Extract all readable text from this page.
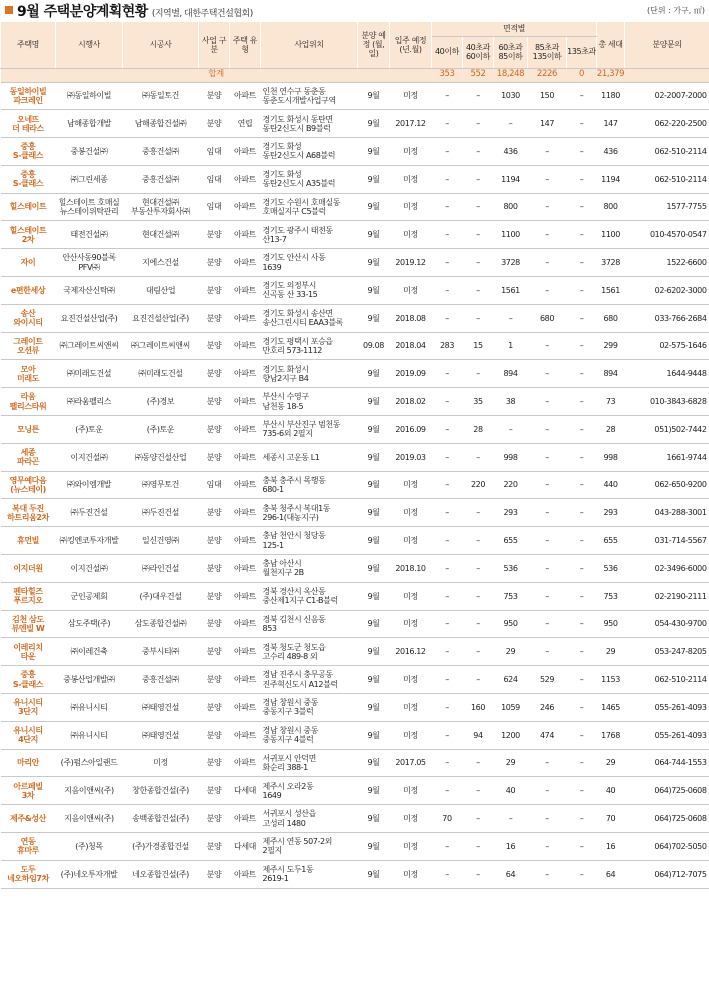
9월 주택분양계획현황 (지역별, 대한주택건설협회)	(단위 : 가구, ㎡)
주택명	시행사	시공사	사업 구분	주택 유형	사업위치	분양 예정 (월,일)	입주 예정 (년.월)	면적별					총 세대	분양문의
								40이하	40초과 60이하	60초과 85이하	85초과 135이하	135초과		
합계								353	552	18,248	2226	0	21,379	

동일하이빌
파크레인	㈜동일하이빌	㈜동일토건	분양	아파트	인천 연수구 동춘동
동춘도시개발사업구역	9월	미정	–	–	1030	150	–	1180	02-2007-2000

오네뜨
더 테라스	남해종합개발	남해종합건설㈜	분양	연립	경기도 화성시 동탄면
동탄2신도시 B9블럭	9월	2017.12	–	–	–	147	–	147	062-220-2500

중흥
S-클래스	중봉건설㈜	중흥건설㈜	임대	아파트	경기도 화성
동탄2신도시 A68블럭	9월	미정	–	–	436	–	–	436	062-510-2114

중흥
S-클래스	㈜그린세종	중흥건설㈜	임대	아파트	경기도 화성
동탄2신도시 A35블럭	9월	미정	–	–	1194	–	–	1194	062-510-2114

힐스테이트	힐스테이트 호매실
뉴스테이위탁관리	현대건설㈜
부동산투자회사㈜	임대	아파트	경기도 수원시 호매실동
호매실지구 C5블럭	9월	미정	–	–	800	–	–	800	1577-7755

힐스테이트
2차	태전건설㈜	현대건설㈜	분양	아파트	경기도 광주시 태전동
산13-7	9월	미정	–	–	1100	–	–	1100	010-4570-0547

자이	안산사동90블록
PFV㈜	지에스건설	분양	아파트	경기도 안산시 사동
1639	9월	2019.12	–	–	3728	–	–	3728	1522-6600

e편한세상	국제자산신탁㈜	대림산업	분양	아파트	경기도 의정부시
신곡동 산 33-15	9월	미정	–	–	1561	–	–	1561	02-6202-3000

송산
와이시티	요진건설산업(주)	요진건설산업(주)	분양	아파트	경기도 화성시 송산면
송산그린시티 EAA3블록	9월	2018.08	–	–	–	680	–	680	033-766-2684

그레이트
오션뷰	㈜그레이트씨앤씨	㈜그레이트씨앤씨	분양	아파트	경기도 평택시 포승읍
만호리 573-1112	09.08	2018.04	283	15	1	–	–	299	02-575-1646

모아
미래도	㈜미래도건설	㈜미래도건설	분양	아파트	경기도 화성시
향남2지구 B4	9월	2019.09	–	–	894	–	–	894	1644-9448

라움
팰리스타워	㈜라움펠리스	(주)경보	분양	아파트	부산시 수영구
남천동 18-5	9월	2018.02	–	35	38	–	–	73	010-3843-6828

모닝튼	(주)토운	(주)토운	분양	아파트	부산시 부산진구 범천동
735-6외 2필지	9월	2016.09	–	28	–	–	–	28	051)502-7442

세종
파라곤	이지건설㈜	㈜동양건설산업	분양	아파트	세종시 고운동 L1	9월	2019.03	–	–	998	–	–	998	1661-9744

영무예다음
(뉴스테이)	㈜와이엠개발	㈜영무토건	임대	아파트	충북 충주시 목행동
680-1	9월	미정	–	220	220	–	–	440	062-650-9200

복대 두진
하트리움2차	㈜두진건설	㈜두진건설	분양	아파트	충북 청주시 복대1동
296-1(대농지구)	9월	미정	–	–	293	–	–	293	043-288-3001

휴먼빌	㈜킹엔코투자개발	일신건영㈜	분양	아파트	충남 천안시 청당동
125-1	9월	미정	–	–	655	–	–	655	031-714-5567

이지더원	이지건설㈜	㈜라인건설	분양	아파트	충남 아산시
월천지구 2B	9월	2018.10	–	–	536	–	–	536	02-3496-6000

펜타힐즈
푸르지오	군인공제회	(주)대우건설	분양	아파트	경북 경산시 옥산동
중산제1지구 C1-B블럭	9월	미정	–	–	753	–	–	753	02-2190-2111

김천 삼도
뷰엔빌 W	삼도주택(주)	삼도종합건설㈜	분양	아파트	경북 김천시 신음동
853	9월	미정	–	–	950	–	–	950	054-430-9700

이레리치
타운	㈜이레건축	중부시티㈜	분양	아파트	경북 청도군 청도읍
고수리 489-8 외	9월	2016.12	–	–	29	–	–	29	053-247-8205

중흥
S-클래스	중봉산업개발㈜	중흥건설㈜	분양	아파트	경남 진주시 충무공동
진주혁신도시 A12블럭	9월	미정	–	–	624	529	–	1153	062-510-2114

유니시티
3단지	㈜유니시티	㈜태영건설	분양	아파트	경남 창원시 중동
중동지구 3블럭	9월	미정	–	160	1059	246	–	1465	055-261-4093

유니시티
4단지	㈜유니시티	㈜태영건설	분양	아파트	경남 창원시 중동
중동지구 4블럭	9월	미정	–	94	1200	474	–	1768	055-261-4093

마리안	(주)펌스아일랜드	미정	분양	아파트	서귀포시 안덕면
화순리 388-1	9월	2017.05	–	–	29	–	–	29	064-744-1553

아르페빌
3차	지음이앤씨(주)	창한종합건설(주)	분양	다세대	제주시 오라2동
1649	9월	미정	–	–	40	–	–	40	064)725-0608

제주&성산	지음이앤씨(주)	송백종합건설(주)	분양	아파트	서귀포시 성산읍
고성리 1480	9월	미정	70	–	–	–	–	70	064)725-0608

연동
휴마루	(주)청목	(주)가경종합건설	분양	다세대	제주시 연동 507-2외
2필지	9월	미정	–	–	16	–	–	16	064)702-5050

도두
네오하임7차	(주)네오투자개발	네오종합건설(주)	분양	아파트	제주시 도두1동
2619-1	9월	미정	–	–	64	–	–	64	064)712-7075
